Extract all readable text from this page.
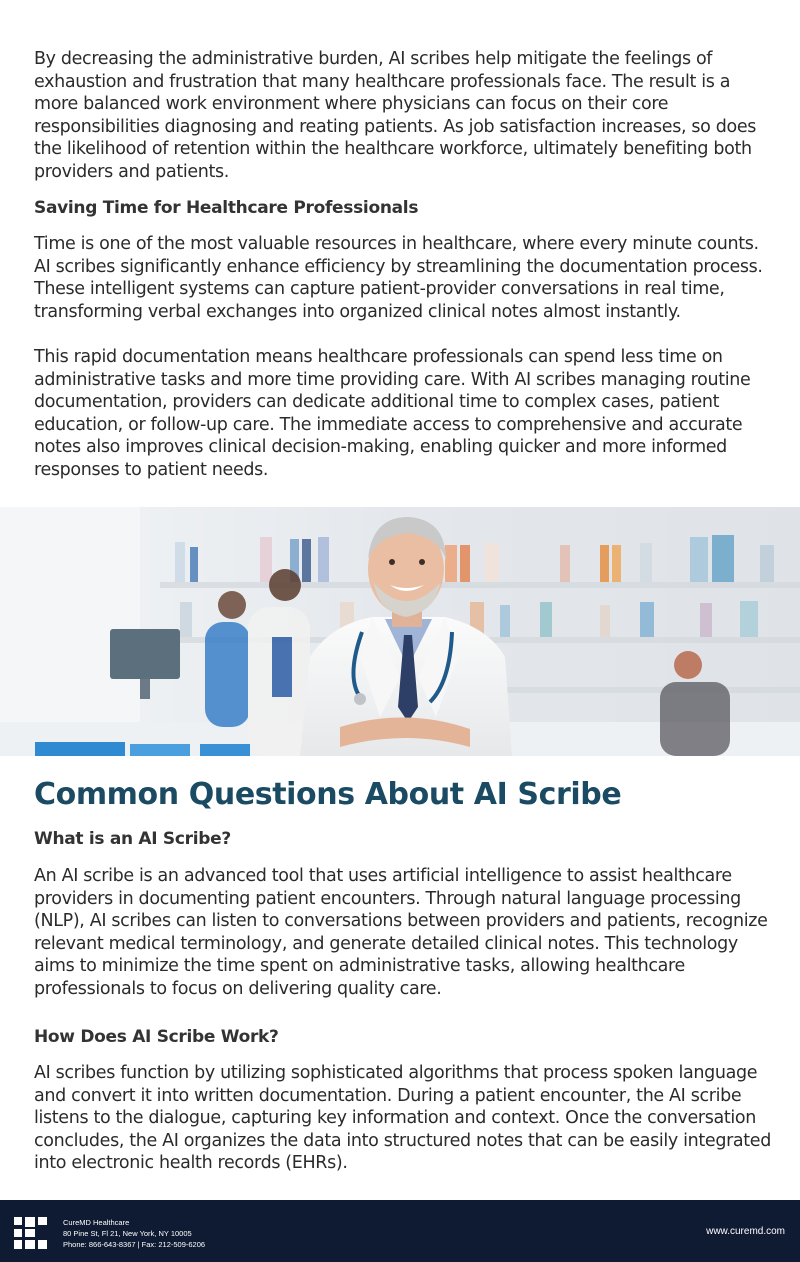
By decreasing the administrative burden, AI scribes help mitigate the feelings of exhaustion and frustration that many healthcare professionals face. The result is a more balanced work environment where physicians can focus on their core responsibilities diagnosing and reating patients. As job satisfaction increases, so does the likelihood of retention within the healthcare workforce, ultimately benefiting both providers and patients.

Saving Time for Healthcare Professionals

Time is one of the most valuable resources in healthcare, where every minute counts. AI scribes significantly enhance efficiency by streamlining the documentation process. These intelligent systems can capture patient-provider conversations in real time, transforming verbal exchanges into organized clinical notes almost instantly.

This rapid documentation means healthcare professionals can spend less time on administrative tasks and more time providing care. With AI scribes managing routine documentation, providers can dedicate additional time to complex cases, patient education, or follow-up care. The immediate access to comprehensive and accurate notes also improves clinical decision-making, enabling quicker and more informed responses to patient needs.

Common Questions About AI Scribe
What is an AI Scribe?

An AI scribe is an advanced tool that uses artificial intelligence to assist healthcare providers in documenting patient encounters. Through natural language processing (NLP), AI scribes can listen to conversations between providers and patients, recognize relevant medical terminology, and generate detailed clinical notes. This technology aims to minimize the time spent on administrative tasks, allowing healthcare professionals to focus on delivering quality care.

How Does AI Scribe Work?

AI scribes function by utilizing sophisticated algorithms that process spoken language and convert it into written documentation. During a patient encounter, the AI scribe listens to the dialogue, capturing key information and context. Once the conversation concludes, the AI organizes the data into structured notes that can be easily integrated into electronic health records (EHRs).

CureMD Healthcare
80 Pine St, Fl 21, New York, NY 10005
Phone: 866-643-8367 | Fax: 212-509-6206
www.curemd.com
